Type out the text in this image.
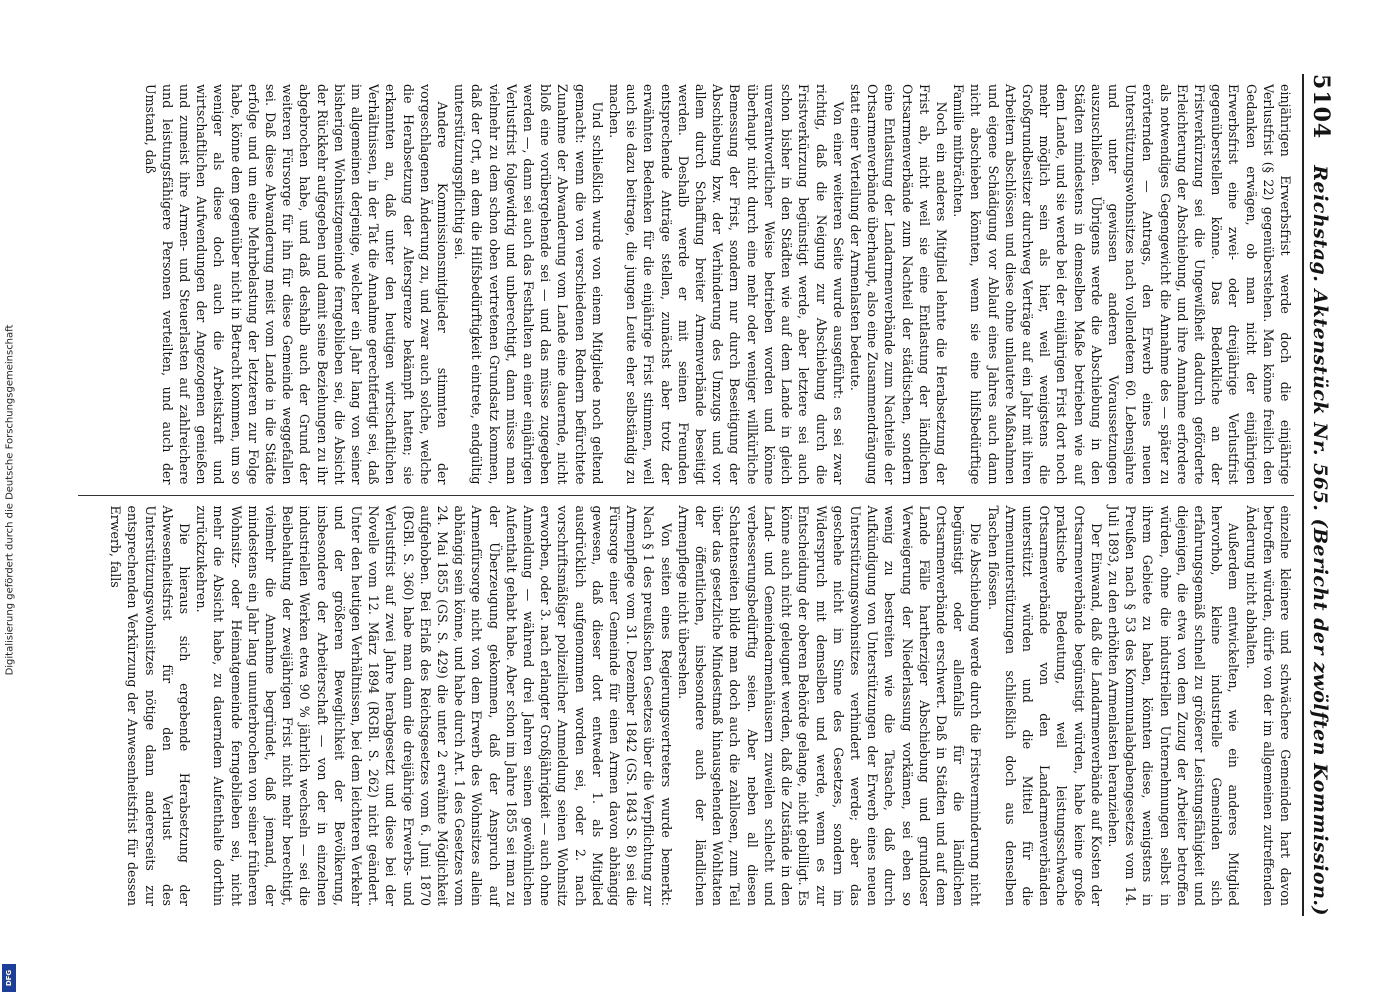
Digitalisierung gefördert durch die Deutsche Forschungsgemeinschaft
DFG
5104
Reichstag. Aktenstück Nr. 565. (Bericht der zwölften Kommission.)

einjährigen Erwerbsfrist werde doch die einjährige Verlustfrist (§ 22) gegenüberstehen. Man könne freilich den Gedanken erwägen, ob man nicht der einjährigen Erwerbsfrist eine zwei- oder dreijährige Verlustfrist gegenüberstellen könne. Das Bedenkliche an der Fristverkürzung sei die Ungewißheit dadurch geförderte Erleichterung der Abschiebung, und ihre Annahme erfordere als notwendiges Gegengewicht die Annahme des — später zu erörternden — Antrags, den Erwerb eines neuen Unterstützungswohnsitzes nach vollendetem 60. Lebensjahre und unter gewissen anderen Voraussetzungen auszuschließen. Übrigens werde die Abschiebung in den Städten mindestens in demselben Maße betrieben wie auf dem Lande, und sie werde bei der einjährigen Frist dort noch mehr möglich sein als hier, weil wenigstens die Großgrundbesitzer durchweg Verträge auf ein Jahr mit ihren Arbeitern abschlössen und diese ohne unlautere Maßnahmen und eigene Schädigung vor Ablauf eines Jahres auch dann nicht abschieben könnten, wenn sie eine hilfsbedürftige Familie mitbrächten.

Noch ein anderes Mitglied lehnte die Herabsetzung der Frist ab, nicht weil sie eine Entlastung der ländlichen Ortsarmenverbände zum Nachteil der städtischen, sondern eine Entlastung der Landarmenverbände zum Nachteile der Ortsarmenverbände überhaupt, also eine Zusammendrängung statt einer Verteilung der Armenlasten bedeute.

Von einer weiteren Seite wurde ausgeführt: es sei zwar richtig, daß die Neigung zur Abschiebung durch die Fristverkürzung begünstigt werde, aber letztere sei auch schon bisher in den Städten wie auf dem Lande in gleich unverantwortlicher Weise betrieben worden und könne überhaupt nicht durch eine mehr oder weniger willkürliche Bemessung der Frist, sondern nur durch Beseitigung der Abschiebung bzw. der Verhinderung des Umzugs und vor allem durch Schaffung breiter Armenverbände beseitigt werden. Deshalb werde er mit seinen Freunden entsprechende Anträge stellen, zunächst aber trotz der erwähnten Bedenken für die einjährige Frist stimmen, weil auch sie dazu beitrage, die jungen Leute eher selbständig zu machen.

Und schließlich wurde von einem Mitgliede noch geltend gemacht: wenn die von verschiedenen Rednern befürchtete Zunahme der Abwanderung vom Lande eine dauernde, nicht bloß eine vorübergehende sei — und das müsse zugegeben werden —, dann sei auch das Festhalten an einer einjährigen Verlustfrist folgewidrig und unberechtigt, dann müsse man vielmehr zu dem schon oben vertretenen Grundsatz kommen, daß der Ort, an dem die Hilfsbedürftigkeit eintrete, endgültig unterstützungspflichtig sei.

Andere Kommissionsmitglieder stimmten der vorgeschlagenen Änderung zu, und zwar auch solche, welche die Herabsetzung der Altersgrenze bekämpft hatten; sie erkannten an, daß unter den heutigen wirtschaftlichen Verhältnissen, in der Tat die Annahme gerechtfertigt sei, daß im allgemeinen derjenige, welcher ein Jahr lang von seiner bisherigen Wohnsitzgemeinde ferngeblieben sei, die Absicht der Rückkehr aufgegeben und damit seine Beziehungen zu ihr abgebrochen habe, und daß deshalb auch der Grund der weiteren Fürsorge für ihn für diese Gemeinde weggefallen sei. Daß diese Abwanderung meist vom Lande in die Städte erfolge und um eine Mehrbelastung der letzteren zur Folge habe, könne dem gegenüber nicht in Betracht kommen, um so weniger als diese doch auch die Arbeitskraft und wirtschaftlichen Aufwendungen der Angezogenen genießen und zumeist ihre Armen- und Steuerlasten auf zahlreichere und leistungsfähigere Personen verteilten, und auch der Umstand, daß

einzelne kleinere und schwächere Gemeinden hart davon betroffen würden, dürfe von der im allgemeinen zutreffenden Änderung nicht abhalten.

Außerdem entwickelten, wie ein anderes Mitglied hervorhob, kleine industrielle Gemeinden sich erfahrungsgemäß schnell zu größerer Leistungsfähigkeit und diejenigen, die etwa von dem Zuzug der Arbeiter betroffen würden, ohne die industriellen Unternehmungen selbst in ihrem Gebiete zu haben, könnten diese, wenigstens in Preußen nach § 53 des Kommunalabgabengesetzes vom 14. Juli 1893, zu den erhöhten Armenlasten heranziehen.

Der Einwand, daß die Landarmenverbände auf Kosten der Ortsarmenverbände begünstigt würden, habe keine große praktische Bedeutung, weil leistungsschwache Ortsarmenverbände von den Landarmenverbänden unterstützt würden und die Mittel für die Armenunterstützungen schließlich doch aus denselben Taschen flössen.

Die Abschiebung werde durch die Fristverminderung nicht begünstigt oder allenfalls für die ländlichen Ortsarmenverbände erschwert. Daß in Städten und auf dem Lande Fälle hartherziger Abschiebung und grundloser Verweigerung der Niederlassung vorkämen, sei eben so wenig zu bestreiten wie die Tatsache, daß durch Aufkündigung von Unterstützungen der Erwerb eines neuen Unterstützungswohnsitzes verhindert werde; aber das geschehe nicht im Sinne des Gesetzes, sondern im Widerspruch mit demselben und werde, wenn es zur Entscheidung der oberen Behörde gelange, nicht gebilligt. Es könne auch nicht geleugnet werden, daß die Zustände in den Land- und Gemeindearmenhäusern zuweilen schlecht und verbesserungsbedürftig seien. Aber neben all diesen Schattenseiten bilde man doch auch die zahllosen, zum Teil über das gesetzliche Mindestmaß hinausgehenden Wohltaten der öffentlichen, insbesondere auch der ländlichen Armenpflege nicht übersehen.

Von seiten eines Regierungsvertreters wurde bemerkt: Nach § 1 des preußischen Gesetzes über die Verpflichtung zur Armenpflege vom 31. Dezember 1842 (GS. 1843 S. 8) sei die Fürsorge einer Gemeinde für einen Armen davon abhängig gewesen, daß dieser dort entweder 1. als Mitglied ausdrücklich aufgenommen worden sei, oder 2. nach vorschriftsmäßiger polizeilicher Anmeldung seinen Wohnsitz erworben, oder 3. nach erlangter Großjährigkeit — auch ohne Anmeldung — während drei Jahren seinen gewöhnlichen Aufenthalt gehabt habe. Aber schon im Jahre 1855 sei man zu der Überzeugung gekommen, daß der Anspruch auf Armenfürsorge nicht von dem Erwerb des Wohnsitzes allein abhängig sein könne, und habe durch Art. 1 des Gesetzes vom 24. Mai 1855 (GS. S. 429) die unter 2 erwähnte Möglichkeit aufgehoben. Bei Erlaß des Reichsgesetzes vom 6. Juni 1870 (BGBl. S. 360) habe man dann die dreijährige Erwerbs- und Verlustfrist auf zwei Jahre herabgesetzt und diese bei der Novelle vom 12. März 1894 (RGBl. S. 262) nicht geändert. Unter den heutigen Verhältnissen, bei dem leichteren Verkehr und der größeren Beweglichkeit der Bevölkerung, insbesondere der Arbeiterschaft — von der in einzelnen industriellen Werken etwa 90 % jährlich wechseln — sei die Beibehaltung der zweijährigen Frist nicht mehr berechtigt, vielmehr die Annahme begründet, daß jemand, der mindestens ein Jahr lang ununterbrochen von seiner früheren Wohnsitz- oder Heimatgemeinde ferngeblieben sei, nicht mehr die Absicht habe, zu dauerndem Aufenthalte dorthin zurückzukehren.

Die hieraus sich ergebende Herabsetzung der Abwesenheitsfrist für den Verlust des Unterstützungswohnsitzes nötige dann andererseits zur entsprechenden Verkürzung der Anwesenheitsfrist für dessen Erwerb, falls
